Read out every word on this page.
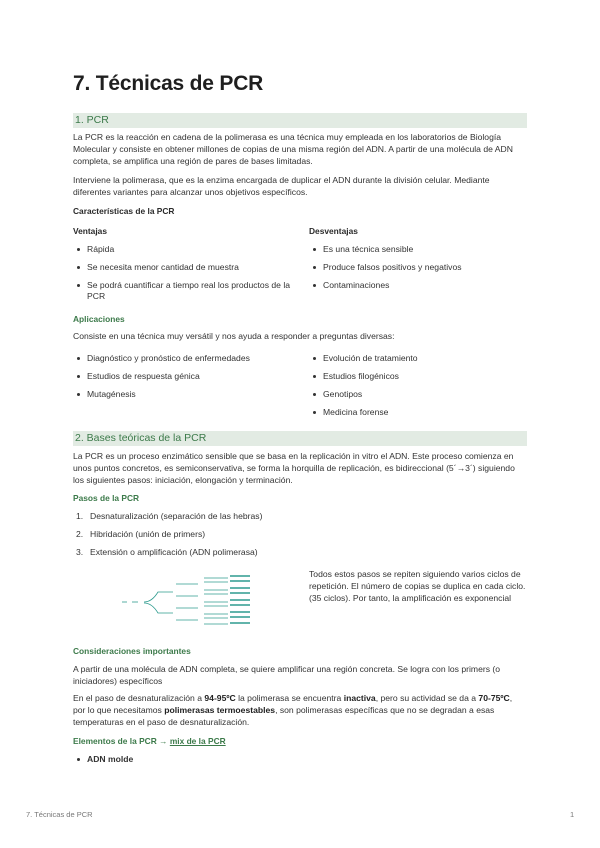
7. Técnicas de PCR
1. PCR
La PCR es la reacción en cadena de la polimerasa es una técnica muy empleada en los laboratorios de Biología Molecular y consiste en obtener millones de copias de una misma región del ADN. A partir de una molécula de ADN completa, se amplifica una región de pares de bases limitadas.
Interviene la polimerasa, que es la enzima encargada de duplicar el ADN durante la división celular. Mediante diferentes variantes para alcanzar unos objetivos específicos.
Características de la PCR
Ventajas
Rápida
Se necesita menor cantidad de muestra
Se podrá cuantificar a tiempo real los productos de la PCR
Desventajas
Es una técnica sensible
Produce falsos positivos y negativos
Contaminaciones
Aplicaciones
Consiste en una técnica muy versátil y nos ayuda a responder a preguntas diversas:
Diagnóstico y pronóstico de enfermedades
Estudios de respuesta génica
Mutagénesis
Evolución de tratamiento
Estudios filogénicos
Genotipos
Medicina forense
2. Bases teóricas de la PCR
La PCR es un proceso enzimático sensible que se basa en la replicación in vitro el ADN. Este proceso comienza en unos puntos concretos, es semiconservativa, se forma la horquilla de replicación, es bidireccional (5´→3´) siguiendo los siguientes pasos: iniciación, elongación y terminación.
Pasos de la PCR
1. Desnaturalización (separación de las hebras)
2. Hibridación (unión de primers)
3. Extensión o amplificación (ADN polimerasa)
Todos estos pasos se repiten siguiendo varios ciclos de repetición. El número de copias se duplica en cada ciclo. (35 ciclos). Por tanto, la amplificación es exponencial
Consideraciones importantes
A partir de una molécula de ADN completa, se quiere amplificar una región concreta. Se logra con los primers (o iniciadores) específicos
En el paso de desnaturalización a 94-95ºC la polimerasa se encuentra inactiva, pero su actividad se da a 70-75ºC, por lo que necesitamos polimerasas termoestables, son polimerasas específicas que no se degradan a esas temperaturas en el paso de desnaturalización.
Elementos de la PCR → mix de la PCR
ADN molde
7. Técnicas de PCR	1
